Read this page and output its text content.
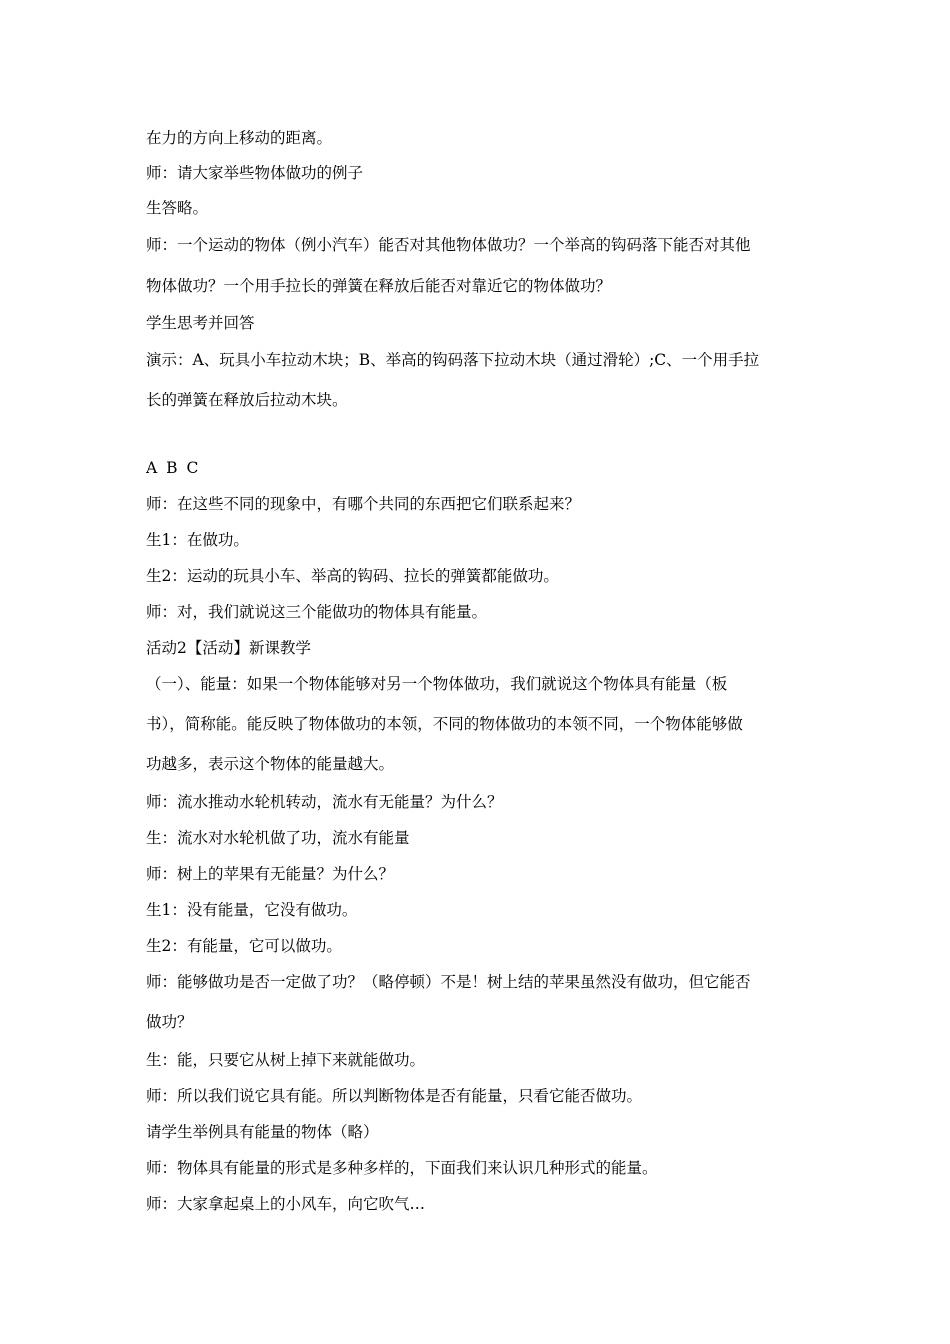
在力的方向上移动的距离。
师：请大家举些物体做功的例子
生答略。
师：一个运动的物体（例小汽车）能否对其他物体做功？一个举高的钩码落下能否对其他
物体做功？一个用手拉长的弹簧在释放后能否对靠近它的物体做功？
学生思考并回答
演示：A、玩具小车拉动木块；B、举高的钩码落下拉动木块（通过滑轮）;C、一个用手拉
长的弹簧在释放后拉动木块。
A B C
师：在这些不同的现象中，有哪个共同的东西把它们联系起来？
生1：在做功。
生2：运动的玩具小车、举高的钩码、拉长的弹簧都能做功。
师：对，我们就说这三个能做功的物体具有能量。
活动2【活动】新课教学
（一）、能量：如果一个物体能够对另一个物体做功，我们就说这个物体具有能量（板
书），简称能。能反映了物体做功的本领，不同的物体做功的本领不同，一个物体能够做
功越多，表示这个物体的能量越大。
师：流水推动水轮机转动，流水有无能量？为什么？
生：流水对水轮机做了功，流水有能量
师：树上的苹果有无能量？为什么？
生1：没有能量，它没有做功。
生2：有能量，它可以做功。
师：能够做功是否一定做了功？（略停顿）不是！树上结的苹果虽然没有做功，但它能否
做功？
生：能，只要它从树上掉下来就能做功。
师：所以我们说它具有能。所以判断物体是否有能量，只看它能否做功。
请学生举例具有能量的物体（略）
师：物体具有能量的形式是多种多样的，下面我们来认识几种形式的能量。
师：大家拿起桌上的小风车，向它吹气…
